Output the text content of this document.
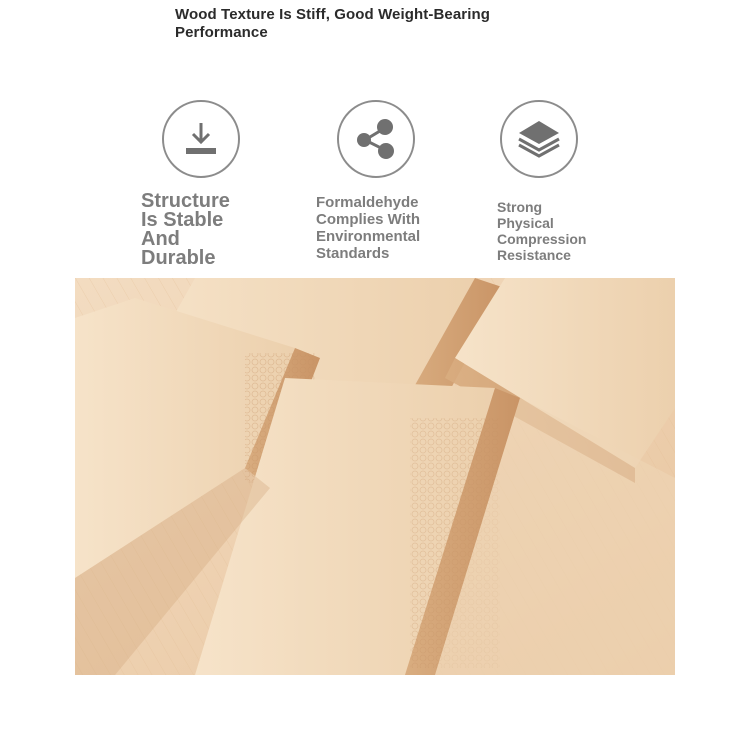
Wood Texture Is Stiff, Good Weight-Bearing Performance
Structure
Is Stable
And
Durable
Formaldehyde
Complies With
Environmental
Standards
Strong
Physical
Compression
Resistance
